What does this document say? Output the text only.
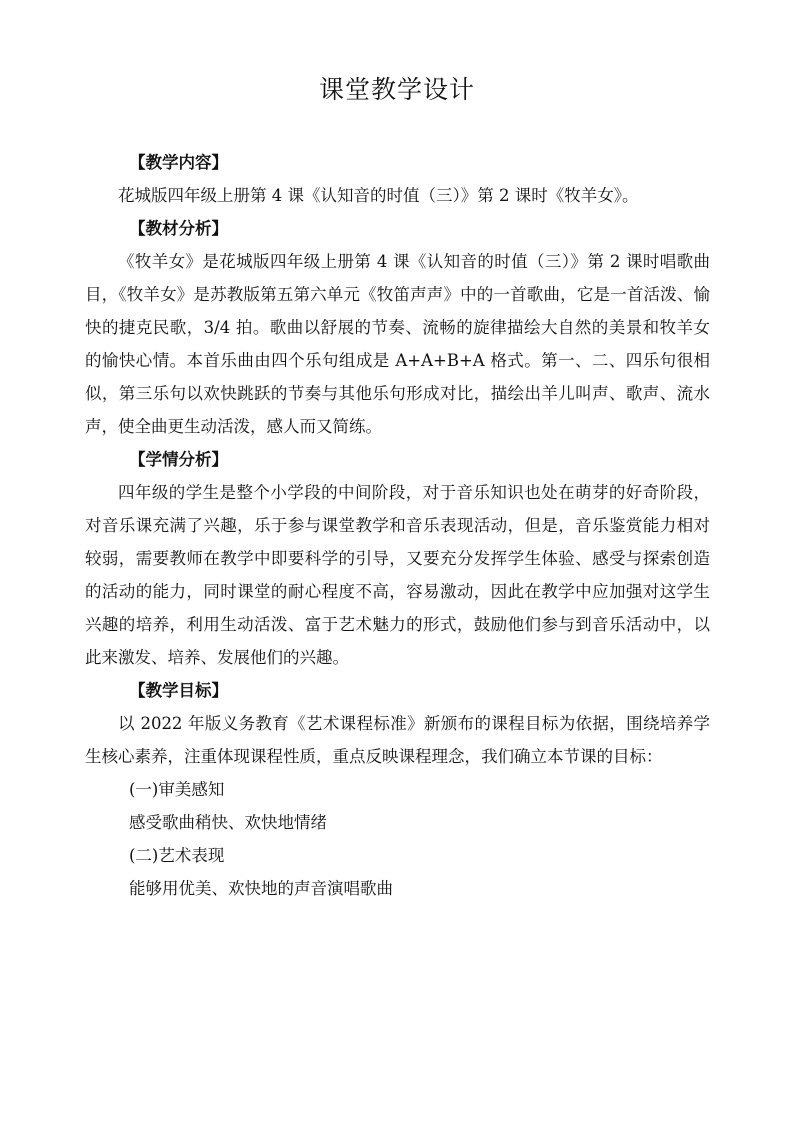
课堂教学设计

【教学内容】

花城版四年级上册第 4 课《认知音的时值（三）》第 2 课时《牧羊女》。

【教材分析】

《牧羊女》是花城版四年级上册第 4 课《认知音的时值（三）》第 2 课时唱歌曲目，《牧羊女》是苏教版第五第六单元《牧笛声声》中的一首歌曲，它是一首活泼、愉快的捷克民歌，3/4 拍。歌曲以舒展的节奏、流畅的旋律描绘大自然的美景和牧羊女的愉快心情。本首乐曲由四个乐句组成是 A+A+B+A 格式。第一、二、四乐句很相似，第三乐句以欢快跳跃的节奏与其他乐句形成对比，描绘出羊儿叫声、歌声、流水声，使全曲更生动活泼，感人而又简练。

【学情分析】

四年级的学生是整个小学段的中间阶段，对于音乐知识也处在萌芽的好奇阶段，对音乐课充满了兴趣，乐于参与课堂教学和音乐表现活动，但是，音乐鉴赏能力相对较弱，需要教师在教学中即要科学的引导，又要充分发挥学生体验、感受与探索创造的活动的能力，同时课堂的耐心程度不高，容易激动，因此在教学中应加强对这学生兴趣的培养，利用生动活泼、富于艺术魅力的形式，鼓励他们参与到音乐活动中，以此来激发、培养、发展他们的兴趣。

【教学目标】

以 2022 年版义务教育《艺术课程标准》新颁布的课程目标为依据，围绕培养学生核心素养，注重体现课程性质，重点反映课程理念，我们确立本节课的目标：

(一)审美感知

感受歌曲稍快、欢快地情绪

(二)艺术表现

能够用优美、欢快地的声音演唱歌曲
